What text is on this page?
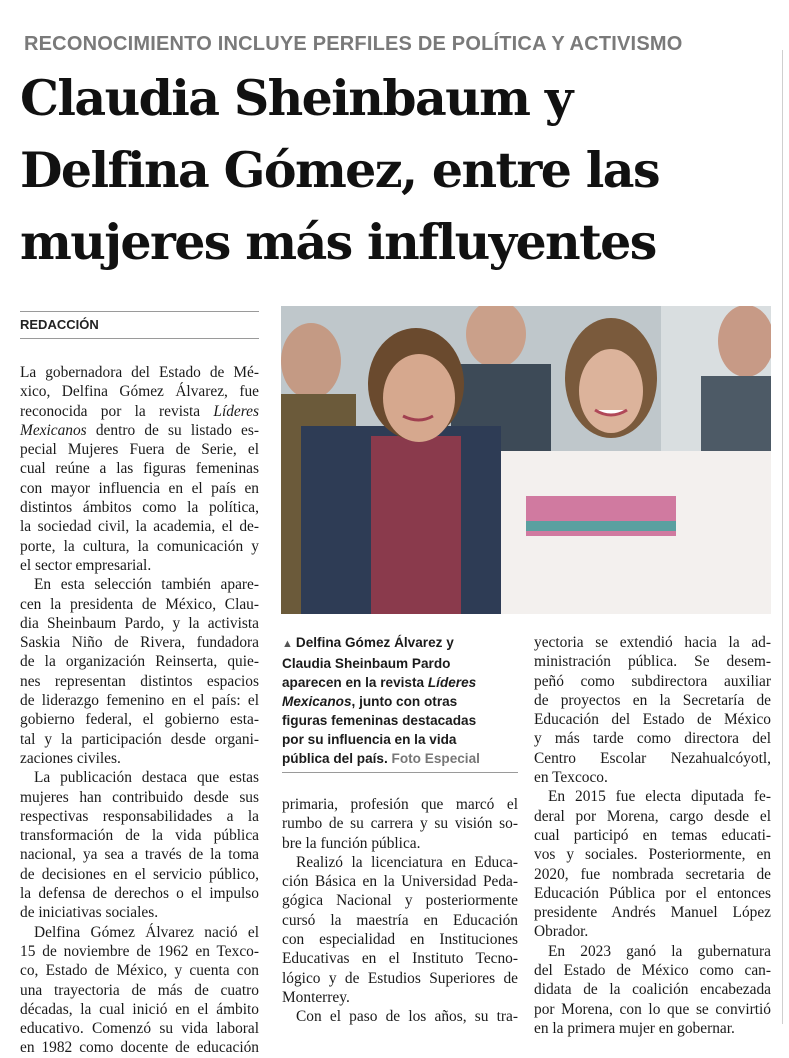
RECONOCIMIENTO INCLUYE PERFILES DE POLÍTICA Y ACTIVISMO
Claudia Sheinbaum y
Delfina Gómez, entre las
mujeres más influyentes
REDACCIÓN

La gobernadora del Estado de Mé-
xico, Delfina Gómez Álvarez, fue
reconocida por la revista Líderes
Mexicanos dentro de su listado es-
pecial Mujeres Fuera de Serie, el
cual reúne a las figuras femeninas
con mayor influencia en el país en
distintos ámbitos como la política,
la sociedad civil, la academia, el de-
porte, la cultura, la comunicación y
el sector empresarial.

En esta selección también apare-
cen la presidenta de México, Clau-
dia Sheinbaum Pardo, y la activista
Saskia Niño de Rivera, fundadora
de la organización Reinserta, quie-
nes representan distintos espacios
de liderazgo femenino en el país: el
gobierno federal, el gobierno esta-
tal y la participación desde organi-
zaciones civiles.

La publicación destaca que estas
mujeres han contribuido desde sus
respectivas responsabilidades a la
transformación de la vida pública
nacional, ya sea a través de la toma
de decisiones en el servicio público,
la defensa de derechos o el impulso
de iniciativas sociales.

Delfina Gómez Álvarez nació el
15 de noviembre de 1962 en Texco-
co, Estado de México, y cuenta con
una trayectoria de más de cuatro
décadas, la cual inició en el ámbito
educativo. Comenzó su vida laboral
en 1982 como docente de educación

▲ Delfina Gómez Álvarez y
Claudia Sheinbaum Pardo
aparecen en la revista Líderes
Mexicanos, junto con otras
figuras femeninas destacadas
por su influencia en la vida
pública del país. Foto Especial

primaria, profesión que marcó el
rumbo de su carrera y su visión so-
bre la función pública.

Realizó la licenciatura en Educa-
ción Básica en la Universidad Peda-
gógica Nacional y posteriormente
cursó la maestría en Educación
con especialidad en Instituciones
Educativas en el Instituto Tecno-
lógico y de Estudios Superiores de
Monterrey.

Con el paso de los años, su tra-

yectoria se extendió hacia la ad-
ministración pública. Se desem-
peñó como subdirectora auxiliar
de proyectos en la Secretaría de
Educación del Estado de México
y más tarde como directora del
Centro Escolar Nezahualcóyotl,
en Texcoco.

En 2015 fue electa diputada fe-
deral por Morena, cargo desde el
cual participó en temas educati-
vos y sociales. Posteriormente, en
2020, fue nombrada secretaria de
Educación Pública por el entonces
presidente Andrés Manuel López
Obrador.

En 2023 ganó la gubernatura
del Estado de México como can-
didata de la coalición encabezada
por Morena, con lo que se convirtió
en la primera mujer en gobernar.
